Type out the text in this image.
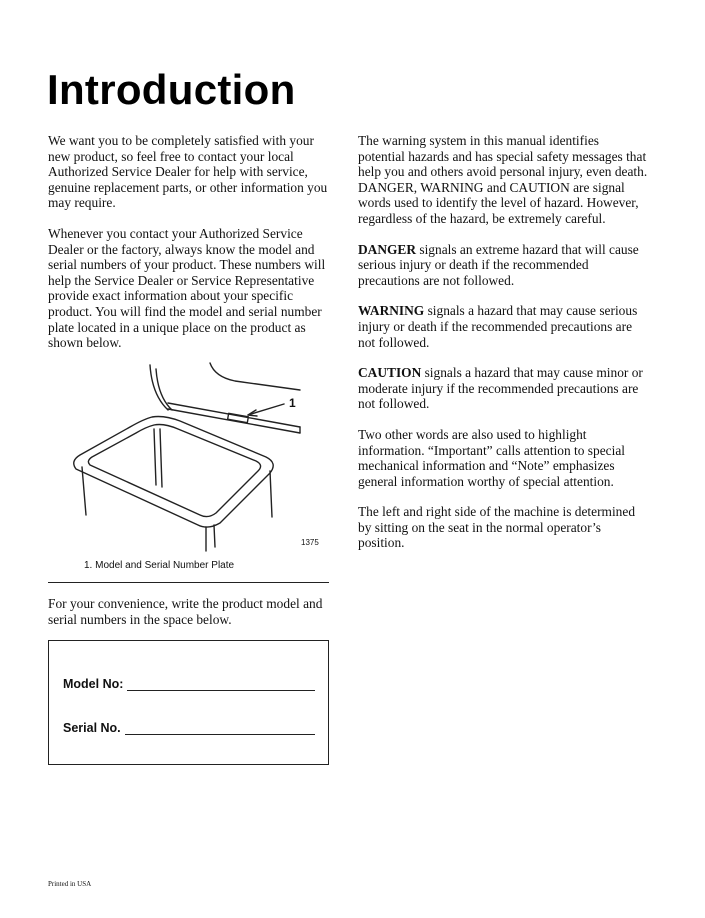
Introduction

We want you to be completely satisfied with your new product, so feel free to contact your local Authorized Service Dealer for help with service, genuine replacement parts, or other information you may require.

Whenever you contact your Authorized Service Dealer or the factory, always know the model and serial numbers of your product. These numbers will help the Service Dealer or Service Representative provide exact information about your specific product. You will find the model and serial number plate located in a unique place on the product as shown below.

1
1375
1. Model and Serial Number Plate

For your convenience, write the product model and serial numbers in the space below.

Model No:
Serial No.

The warning system in this manual identifies potential hazards and has special safety messages that help you and others avoid personal injury, even death. DANGER, WARNING and CAUTION are signal words used to identify the level of hazard. However, regardless of the hazard, be extremely careful.

DANGER signals an extreme hazard that will cause serious injury or death if the recommended precautions are not followed.

WARNING signals a hazard that may cause serious injury or death if the recommended precautions are not followed.

CAUTION signals a hazard that may cause minor or moderate injury if the recommended precautions are not followed.

Two other words are also used to highlight information. “Important” calls attention to special mechanical information and “Note” emphasizes general information worthy of special attention.

The left and right side of the machine is determined by sitting on the seat in the normal operator’s position.

Printed in USA
